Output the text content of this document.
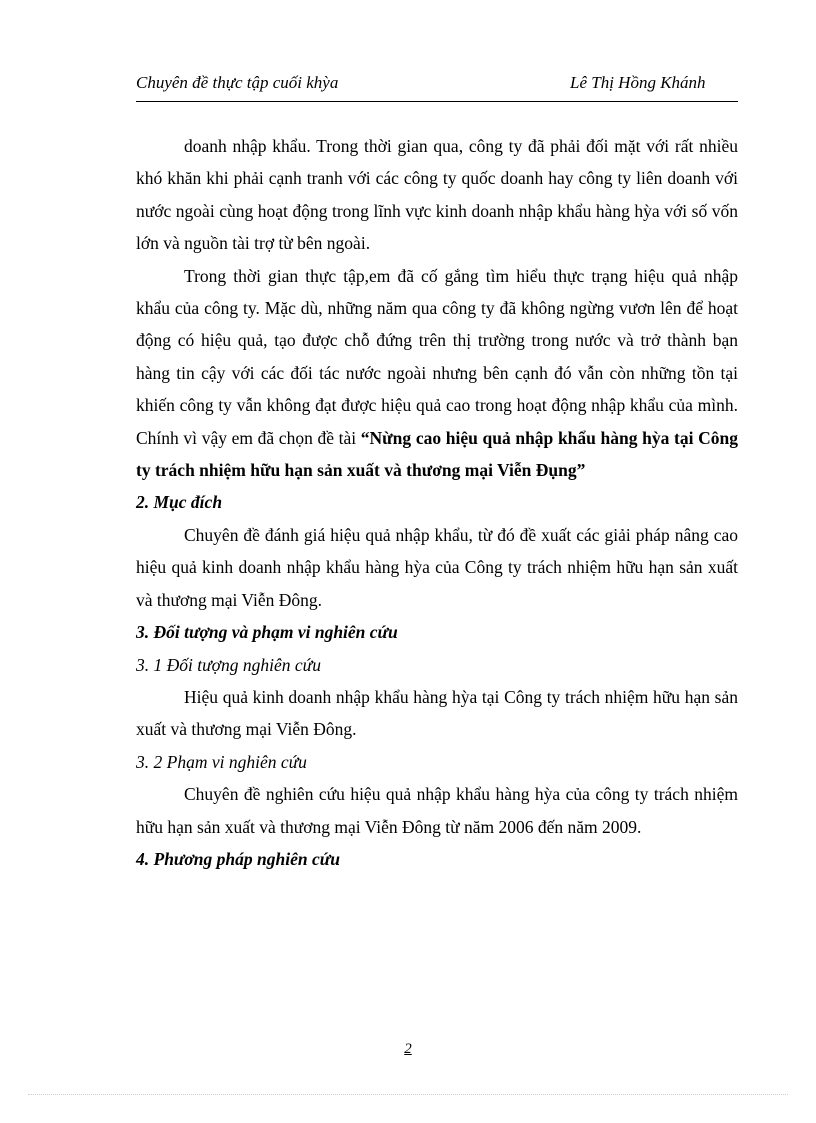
Chuyên đề thực tập cuối khỳa	Lê Thị Hồng Khánh

doanh nhập khẩu. Trong thời gian qua, công ty đã phải đối mặt với rất nhiều khó khăn khi phải cạnh tranh với các công ty quốc doanh hay công ty liên doanh với nước ngoài cùng hoạt động trong lĩnh vực kinh doanh nhập khẩu hàng hỳa với số vốn lớn và nguồn tài trợ từ bên ngoài.

Trong thời gian thực tập,em đã cố gắng tìm hiểu thực trạng hiệu quả nhập khẩu của công ty. Mặc dù, những năm qua công ty đã không ngừng vươn lên để hoạt động có hiệu quả, tạo được chỗ đứng trên thị trường trong nước và trở thành bạn hàng tin cậy với các đối tác nước ngoài nhưng bên cạnh đó vẫn còn những tồn tại khiến công ty vẫn không đạt được hiệu quả cao trong hoạt động nhập khẩu của mình. Chính vì vậy em đã chọn đề tài “Nừng cao hiệu quả nhập khẩu hàng hỳa tại Công ty trách nhiệm hữu hạn sản xuất và thương mại Viễn Đụng”

2. Mục đích

Chuyên đề đánh giá hiệu quả nhập khẩu, từ đó đề xuất các giải pháp nâng cao hiệu quả kinh doanh nhập khẩu hàng hỳa của Công ty trách nhiệm hữu hạn sản xuất và thương mại Viễn Đông.

3. Đối tượng và phạm vi nghiên cứu

3. 1 Đối tượng nghiên cứu

Hiệu quả kinh doanh nhập khẩu hàng hỳa tại Công ty trách nhiệm hữu hạn sản xuất và thương mại Viễn Đông.

3. 2 Phạm vi nghiên cứu

Chuyên đề nghiên cứu hiệu quả nhập khẩu hàng hỳa của công ty trách nhiệm hữu hạn sản xuất và thương mại Viễn Đông từ năm 2006 đến năm 2009.

4. Phương pháp nghiên cứu

2
